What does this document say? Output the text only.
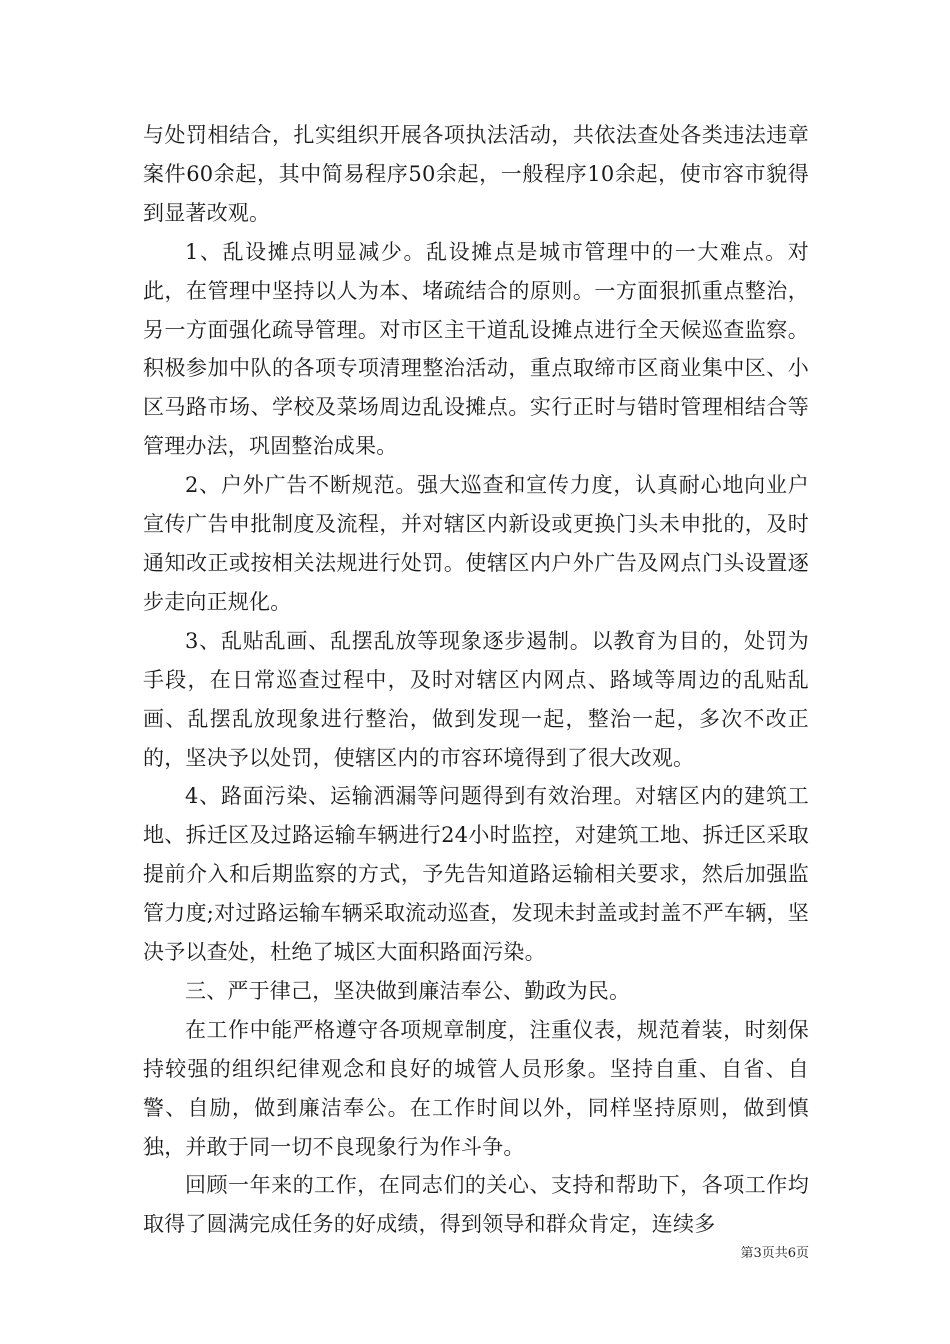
与处罚相结合，扎实组织开展各项执法活动，共依法查处各类违法违章案件60余起，其中简易程序50余起，一般程序10余起，使市容市貌得到显著改观。

1、乱设摊点明显减少。乱设摊点是城市管理中的一大难点。对此，在管理中坚持以人为本、堵疏结合的原则。一方面狠抓重点整治，另一方面强化疏导管理。对市区主干道乱设摊点进行全天候巡查监察。积极参加中队的各项专项清理整治活动，重点取缔市区商业集中区、小区马路市场、学校及菜场周边乱设摊点。实行正时与错时管理相结合等管理办法，巩固整治成果。

2、户外广告不断规范。强大巡查和宣传力度，认真耐心地向业户宣传广告申批制度及流程，并对辖区内新设或更换门头未申批的，及时通知改正或按相关法规进行处罚。使辖区内户外广告及网点门头设置逐步走向正规化。

3、乱贴乱画、乱摆乱放等现象逐步遏制。以教育为目的，处罚为手段，在日常巡查过程中，及时对辖区内网点、路域等周边的乱贴乱画、乱摆乱放现象进行整治，做到发现一起，整治一起，多次不改正的，坚决予以处罚，使辖区内的市容环境得到了很大改观。

4、路面污染、运输洒漏等问题得到有效治理。对辖区内的建筑工地、拆迁区及过路运输车辆进行24小时监控，对建筑工地、拆迁区采取提前介入和后期监察的方式，予先告知道路运输相关要求，然后加强监管力度;对过路运输车辆采取流动巡查，发现未封盖或封盖不严车辆，坚决予以查处，杜绝了城区大面积路面污染。

三、严于律己，坚决做到廉洁奉公、勤政为民。

在工作中能严格遵守各项规章制度，注重仪表，规范着装，时刻保持较强的组织纪律观念和良好的城管人员形象。坚持自重、自省、自警、自励，做到廉洁奉公。在工作时间以外，同样坚持原则，做到慎独，并敢于同一切不良现象行为作斗争。

回顾一年来的工作，在同志们的关心、支持和帮助下，各项工作均取得了圆满完成任务的好成绩，得到领导和群众肯定，连续多

第3页共6页
